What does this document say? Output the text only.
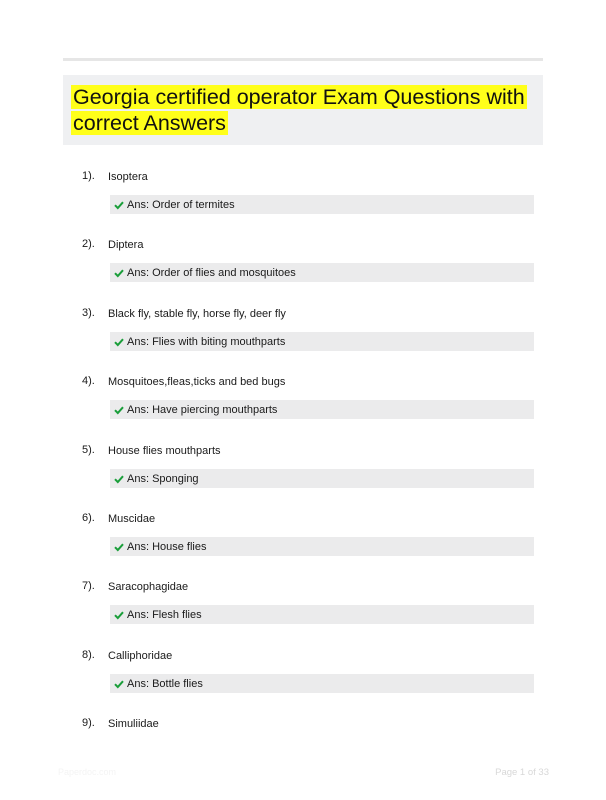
Georgia certified operator Exam Questions with correct Answers
1). Isoptera
Ans: Order of termites
2). Diptera
Ans: Order of flies and mosquitoes
3). Black fly, stable fly, horse fly, deer fly
Ans: Flies with biting mouthparts
4). Mosquitoes,fleas,ticks and bed bugs
Ans: Have piercing mouthparts
5). House flies mouthparts
Ans: Sponging
6). Muscidae
Ans: House flies
7). Saracophagidae
Ans: Flesh flies
8). Calliphoridae
Ans: Bottle flies
9). Simuliidae
Paperdoc.com	Page 1 of 33
